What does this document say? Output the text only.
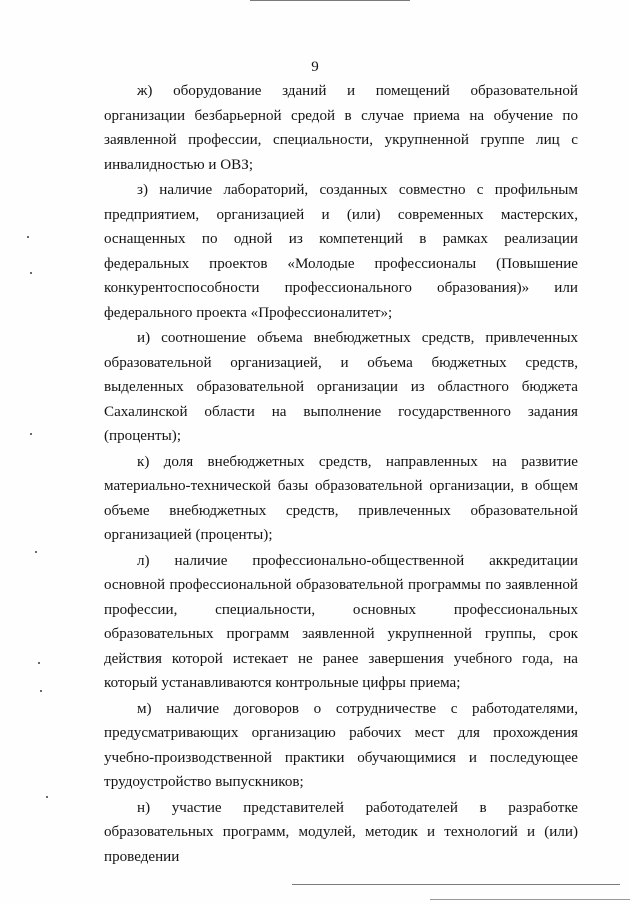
9

ж) оборудование зданий и помещений образовательной организации безбарьерной средой в случае приема на обучение по заявленной профессии, специальности, укрупненной группе лиц с инвалидностью и ОВЗ;

з) наличие лабораторий, созданных совместно с профильным предприятием, организацией и (или) современных мастерских, оснащенных по одной из компетенций в рамках реализации федеральных проектов «Молодые профессионалы (Повышение конкурентоспособности профессионального образования)» или федерального проекта «Профессионалитет»;

и) соотношение объема внебюджетных средств, привлеченных образовательной организацией, и объема бюджетных средств, выделенных образовательной организации из областного бюджета Сахалинской области на выполнение государственного задания (проценты);

к) доля внебюджетных средств, направленных на развитие материально-технической базы образовательной организации, в общем объеме внебюджетных средств, привлеченных образовательной организацией (проценты);

л) наличие профессионально-общественной аккредитации основной профессиональной образовательной программы по заявленной профессии, специальности, основных профессиональных образовательных программ заявленной укрупненной группы, срок действия которой истекает не ранее завершения учебного года, на который устанавливаются контрольные цифры приема;

м) наличие договоров о сотрудничестве с работодателями, предусматривающих организацию рабочих мест для прохождения учебно-производственной практики обучающимися и последующее трудоустройство выпускников;

н) участие представителей работодателей в разработке образовательных программ, модулей, методик и технологий и (или) проведении
